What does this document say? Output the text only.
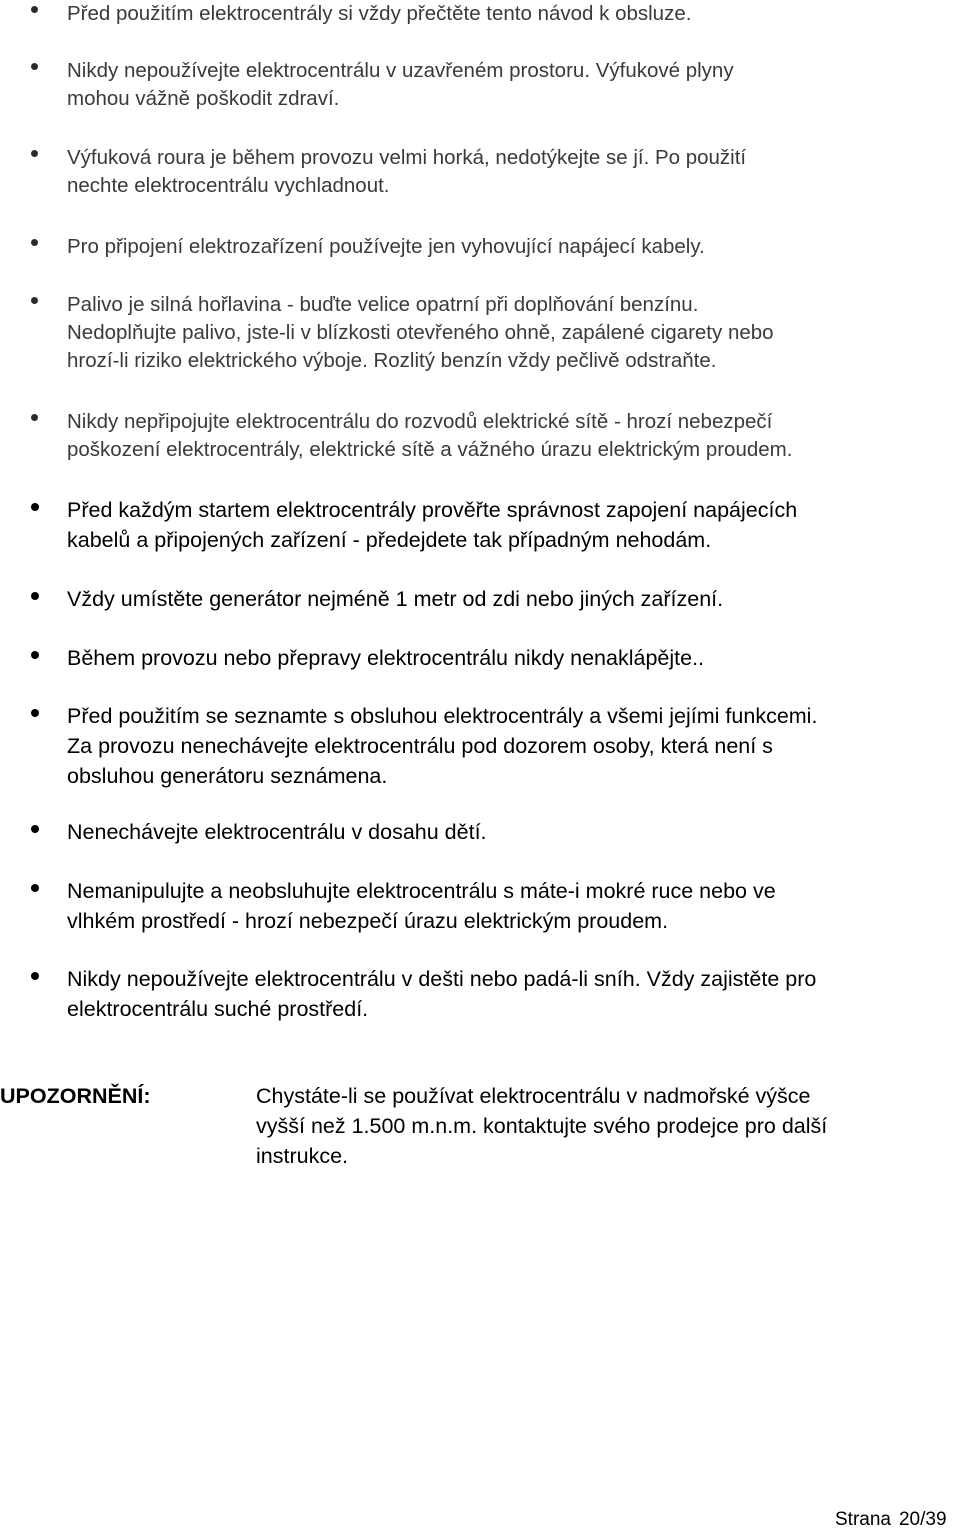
Před použitím elektrocentrály si vždy přečtěte tento návod k obsluze.
Nikdy nepoužívejte elektrocentrálu v uzavřeném prostoru. Výfukové plyny
mohou vážně poškodit zdraví.
Výfuková roura je během provozu velmi horká, nedotýkejte se jí. Po použití
nechte elektrocentrálu vychladnout.
Pro připojení elektrozařízení používejte jen vyhovující napájecí kabely.
Palivo je silná hořlavina - buďte velice opatrní při doplňování benzínu.
Nedoplňujte palivo, jste-li v blízkosti otevřeného ohně, zapálené cigarety nebo
hrozí-li riziko elektrického výboje. Rozlitý benzín vždy pečlivě odstraňte.
Nikdy nepřipojujte elektrocentrálu do rozvodů elektrické sítě - hrozí nebezpečí
poškození elektrocentrály, elektrické sítě a vážného úrazu elektrickým proudem.
Před každým startem elektrocentrály prověřte správnost zapojení napájecích
kabelů a připojených zařízení - předejdete tak případným nehodám.
Vždy umístěte generátor nejméně 1 metr od zdi nebo jiných zařízení.
Během provozu nebo přepravy elektrocentrálu nikdy nenaklápějte..
Před použitím se seznamte s obsluhou elektrocentrály a všemi jejími funkcemi.
Za provozu nenechávejte elektrocentrálu pod dozorem osoby, která není s
obsluhou generátoru seznámena.
Nenechávejte elektrocentrálu v dosahu dětí.
Nemanipulujte a neobsluhujte elektrocentrálu s máte-i mokré ruce nebo ve
vlhkém prostředí - hrozí nebezpečí úrazu elektrickým proudem.
Nikdy nepoužívejte elektrocentrálu v dešti nebo padá-li sníh. Vždy zajistěte pro
elektrocentrálu suché prostředí.
UPOZORNĚNÍ:	Chystáte-li se používat elektrocentrálu v nadmořské výšce
vyšší než 1.500 m.n.m. kontaktujte svého prodejce pro další
instrukce.
Strana 20/39
